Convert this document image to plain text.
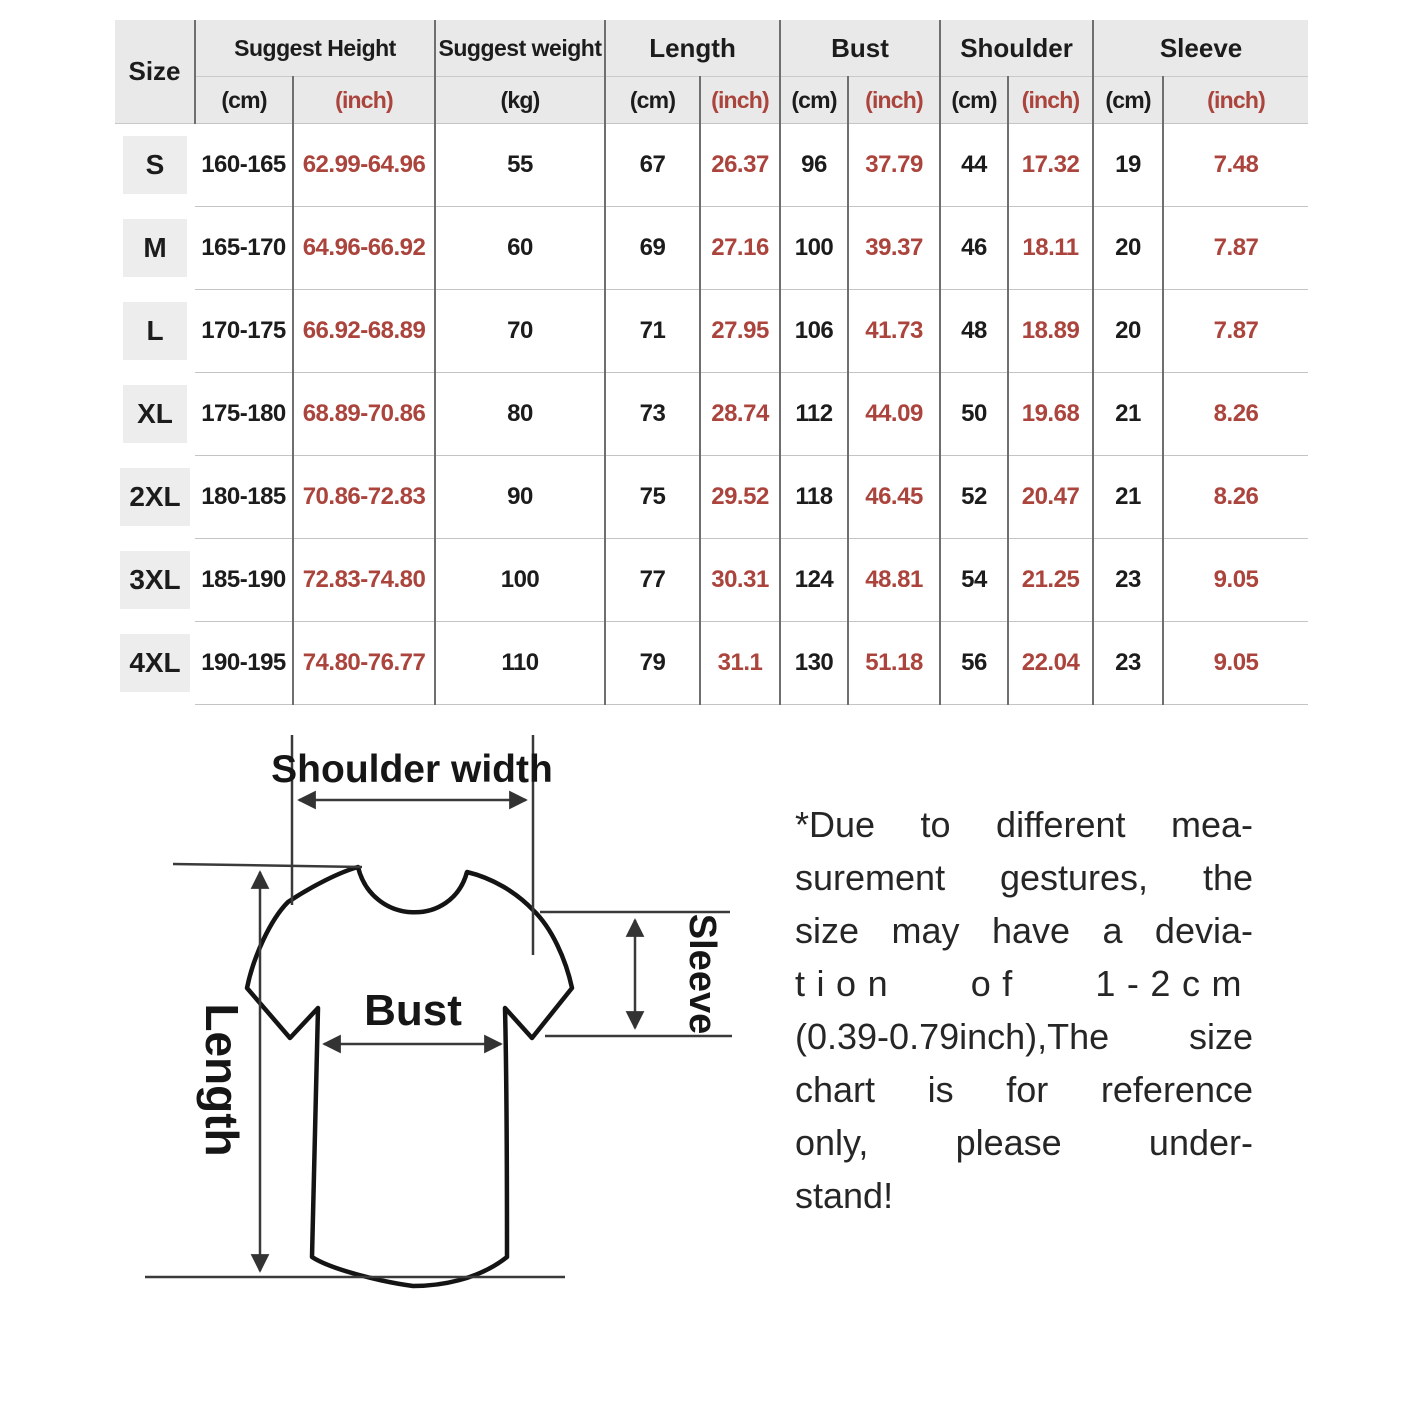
Size	Suggest Height		Suggest weight	Length		Bust		Shoulder		Sleeve	
	(cm)	(inch)	(kg)	(cm)	(inch)	(cm)	(inch)	(cm)	(inch)	(cm)	(inch)
S	160-165	62.99-64.96	55	67	26.37	96	37.79	44	17.32	19	7.48
M	165-170	64.96-66.92	60	69	27.16	100	39.37	46	18.11	20	7.87
L	170-175	66.92-68.89	70	71	27.95	106	41.73	48	18.89	20	7.87
XL	175-180	68.89-70.86	80	73	28.74	112	44.09	50	19.68	21	8.26
2XL	180-185	70.86-72.83	90	75	29.52	118	46.45	52	20.47	21	8.26
3XL	185-190	72.83-74.80	100	77	30.31	124	48.81	54	21.25	23	9.05
4XL	190-195	74.80-76.77	110	79	31.1	130	51.18	56	22.04	23	9.05
Shoulder width
Length	Bust	Sleeve
*Due to different mea-
surement gestures, the
size may have a devia-
tion of 1-2cm
(0.39-0.79inch),The size
chart is for reference
only, please under-
stand!
